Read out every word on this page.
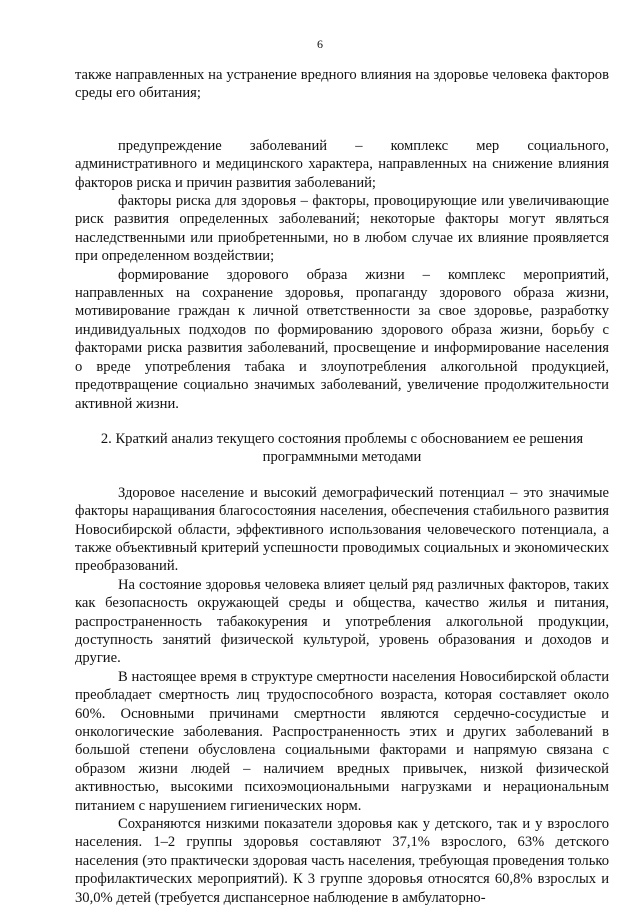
6

также направленных на устранение вредного влияния на здоровье человека факторов среды его обитания;

предупреждение заболеваний – комплекс мер социального, административного и медицинского характера, направленных на снижение влияния факторов риска и причин развития заболеваний;

факторы риска для здоровья – факторы, провоцирующие или увеличивающие риск развития определенных заболеваний; некоторые факторы могут являться наследственными или приобретенными, но в любом случае их влияние проявляется при определенном воздействии;

формирование здорового образа жизни – комплекс мероприятий, направленных на сохранение здоровья, пропаганду здорового образа жизни, мотивирование граждан к личной ответственности за свое здоровье, разработку индивидуальных подходов по формированию здорового образа жизни, борьбу с факторами риска развития заболеваний, просвещение и информирование населения о вреде употребления табака и злоупотребления алкогольной продукцией, предотвращение социально значимых заболеваний, увеличение продолжительности активной жизни.

2. Краткий анализ текущего состояния проблемы с обоснованием ее решения программными методами

Здоровое население и высокий демографический потенциал – это значимые факторы наращивания благосостояния населения, обеспечения стабильного развития Новосибирской области, эффективного использования человеческого потенциала, а также объективный критерий успешности проводимых социальных и экономических преобразований.

На состояние здоровья человека влияет целый ряд различных факторов, таких как безопасность окружающей среды и общества, качество жилья и питания, распространенность табакокурения и употребления алкогольной продукции, доступность занятий физической культурой, уровень образования и доходов и другие.

В настоящее время в структуре смертности населения Новосибирской области преобладает смертность лиц трудоспособного возраста, которая составляет около 60%. Основными причинами смертности являются сердечно-сосудистые и онкологические заболевания. Распространенность этих и других заболеваний в большой степени обусловлена социальными факторами и напрямую связана с образом жизни людей – наличием вредных привычек, низкой физической активностью, высокими психоэмоциональными нагрузками и нерациональным питанием с нарушением гигиенических норм.

Сохраняются низкими показатели здоровья как у детского, так и у взрослого населения. 1–2 группы здоровья составляют 37,1% взрослого, 63% детского населения (это практически здоровая часть населения, требующая проведения только профилактических мероприятий). К 3 группе здоровья относятся 60,8% взрослых и 30,0% детей (требуется диспансерное наблюдение в амбулаторно-
